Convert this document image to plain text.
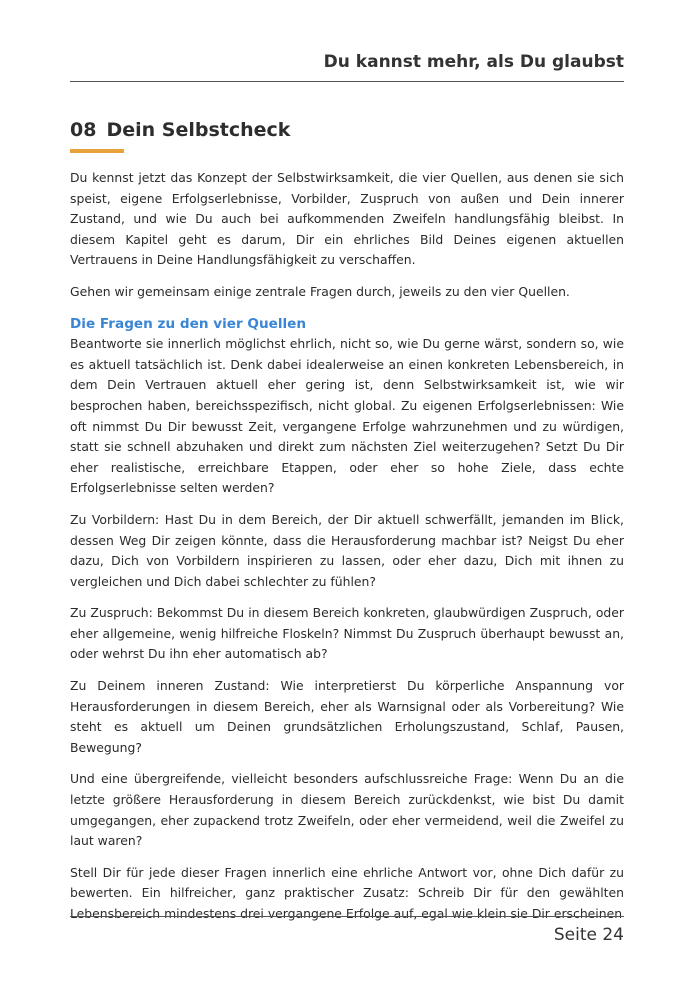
Du kannst mehr, als Du glaubst
08 Dein Selbstcheck

Du kennst jetzt das Konzept der Selbstwirksamkeit, die vier Quellen, aus denen sie sich speist, eigene Erfolgserlebnisse, Vorbilder, Zuspruch von außen und Dein innerer Zustand, und wie Du auch bei aufkommenden Zweifeln handlungsfähig bleibst. In diesem Kapitel geht es darum, Dir ein ehrliches Bild Deines eigenen aktuellen Vertrauens in Deine Handlungsfähigkeit zu verschaffen.

Gehen wir gemeinsam einige zentrale Fragen durch, jeweils zu den vier Quellen.

Die Fragen zu den vier Quellen

Beantworte sie innerlich möglichst ehrlich, nicht so, wie Du gerne wärst, sondern so, wie es aktuell tatsächlich ist. Denk dabei idealerweise an einen konkreten Lebensbereich, in dem Dein Vertrauen aktuell eher gering ist, denn Selbstwirksamkeit ist, wie wir besprochen haben, bereichsspezifisch, nicht global. Zu eigenen Erfolgserlebnissen: Wie oft nimmst Du Dir bewusst Zeit, vergangene Erfolge wahrzunehmen und zu würdigen, statt sie schnell abzuhaken und direkt zum nächsten Ziel weiterzugehen? Setzt Du Dir eher realistische, erreichbare Etappen, oder eher so hohe Ziele, dass echte Erfolgserlebnisse selten werden?

Zu Vorbildern: Hast Du in dem Bereich, der Dir aktuell schwerfällt, jemanden im Blick, dessen Weg Dir zeigen könnte, dass die Herausforderung machbar ist? Neigst Du eher dazu, Dich von Vorbildern inspirieren zu lassen, oder eher dazu, Dich mit ihnen zu vergleichen und Dich dabei schlechter zu fühlen?

Zu Zuspruch: Bekommst Du in diesem Bereich konkreten, glaubwürdigen Zuspruch, oder eher allgemeine, wenig hilfreiche Floskeln? Nimmst Du Zuspruch überhaupt bewusst an, oder wehrst Du ihn eher automatisch ab?

Zu Deinem inneren Zustand: Wie interpretierst Du körperliche Anspannung vor Herausforderungen in diesem Bereich, eher als Warnsignal oder als Vorbereitung? Wie steht es aktuell um Deinen grundsätzlichen Erholungszustand, Schlaf, Pausen, Bewegung?

Und eine übergreifende, vielleicht besonders aufschlussreiche Frage: Wenn Du an die letzte größere Herausforderung in diesem Bereich zurückdenkst, wie bist Du damit umgegangen, eher zupackend trotz Zweifeln, oder eher vermeidend, weil die Zweifel zu laut waren?

Stell Dir für jede dieser Fragen innerlich eine ehrliche Antwort vor, ohne Dich dafür zu bewerten. Ein hilfreicher, ganz praktischer Zusatz: Schreib Dir für den gewählten Lebensbereich mindestens drei vergangene Erfolge auf, egal wie klein sie Dir erscheinen

Seite 24
